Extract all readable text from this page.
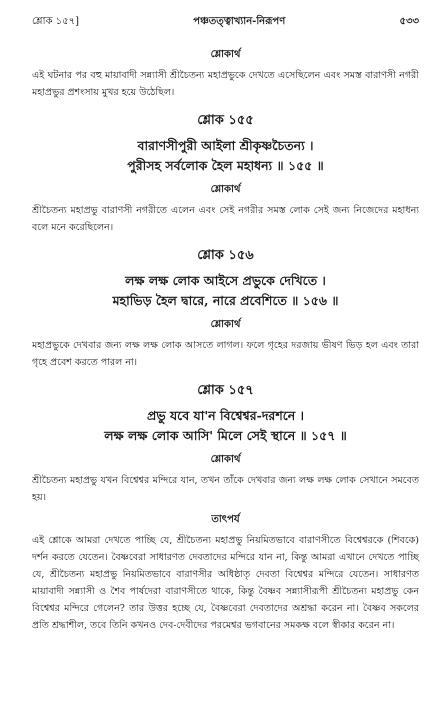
শ্লোক ১৫৭]	পঞ্চতত্ত্বাখ্যান-নিরূপণ	৫৩৩
শ্লোকার্থ

এই ঘটনার পর বহু মায়াবাদী সন্ন্যাসী শ্রীচৈতন্য মহাপ্রভুকে দেখতে এসেছিলেন এবং সমস্ত বারাণসী নগরী মহাপ্রভুর প্রশংসায় মুখর হয়ে উঠেছিল।

শ্লোক ১৫৫

বারাণসীপুরী আইলা শ্রীকৃষ্ণচৈতন্য ।

পুরীসহ সর্বলোক হৈল মহাধন্য ॥ ১৫৫ ॥

শ্লোকার্থ

শ্রীচৈতন্য মহাপ্রভু বারাণসী নগরীতে এলেন এবং সেই নগরীর সমস্ত লোক সেই জন্য নিজেদের মহাধন্য বলে মনে করেছিলেন।

শ্লোক ১৫৬

লক্ষ লক্ষ লোক আইসে প্রভুকে দেখিতে ।

মহাভিড় হৈল দ্বারে, নারে প্রবেশিতে ॥ ১৫৬ ॥

শ্লোকার্থ

মহাপ্রভুকে দেখবার জন্য লক্ষ লক্ষ লোক আসতে লাগল। ফলে গৃহের দরজায় ভীষণ ভিড় হল এবং তারা গৃহে প্রবেশ করতে পারল না।

শ্লোক ১৫৭

প্রভু যবে যা'ন বিশ্বেশ্বর-দরশনে ।

লক্ষ লক্ষ লোক আসি' মিলে সেই স্থানে ॥ ১৫৭ ॥

শ্লোকার্থ

শ্রীচৈতন্য মহাপ্রভু যখন বিশ্বেশ্বর মন্দিরে যান, তখন তাঁকে দেখবার জন্য লক্ষ লক্ষ লোক সেখানে সমবেত হয়।

তাৎপর্য

এই শ্লোকে আমরা দেখতে পাচ্ছি যে, শ্রীচৈতন্য মহাপ্রভু নিয়মিতভাবে বারাণসীতে বিশ্বেশ্বরকে (শিবকে) দর্শন করতে যেতেন। বৈষ্ণবেরা সাধারণত দেবতাদের মন্দিরে যান না, কিন্তু আমরা এখানে দেখতে পাচ্ছি যে, শ্রীচৈতন্য মহাপ্রভু নিয়মিতভাবে বারাণসীর অধিষ্ঠাতৃ দেবতা বিশ্বেশ্বর মন্দিরে যেতেন। সাধারণত মায়াবাদী সন্ন্যাসী ও শৈব পার্ষদেরা বারাণসীতে থাকে, কিন্তু বৈষ্ণব সন্ন্যাসীরূপী শ্রীচৈতন্য মহাপ্রভু কেন বিশ্বেশ্বর মন্দিরে গেলেন? তার উত্তর হচ্ছে যে, বৈষ্ণবেরা দেবতাদের অশ্রদ্ধা করেন না। বৈষ্ণব সকলের প্রতি শ্রদ্ধাশীল, তবে তিনি কখনও দেব-দেবীদের পরমেশ্বর ভগবানের সমকক্ষ বলে স্বীকার করেন না।
